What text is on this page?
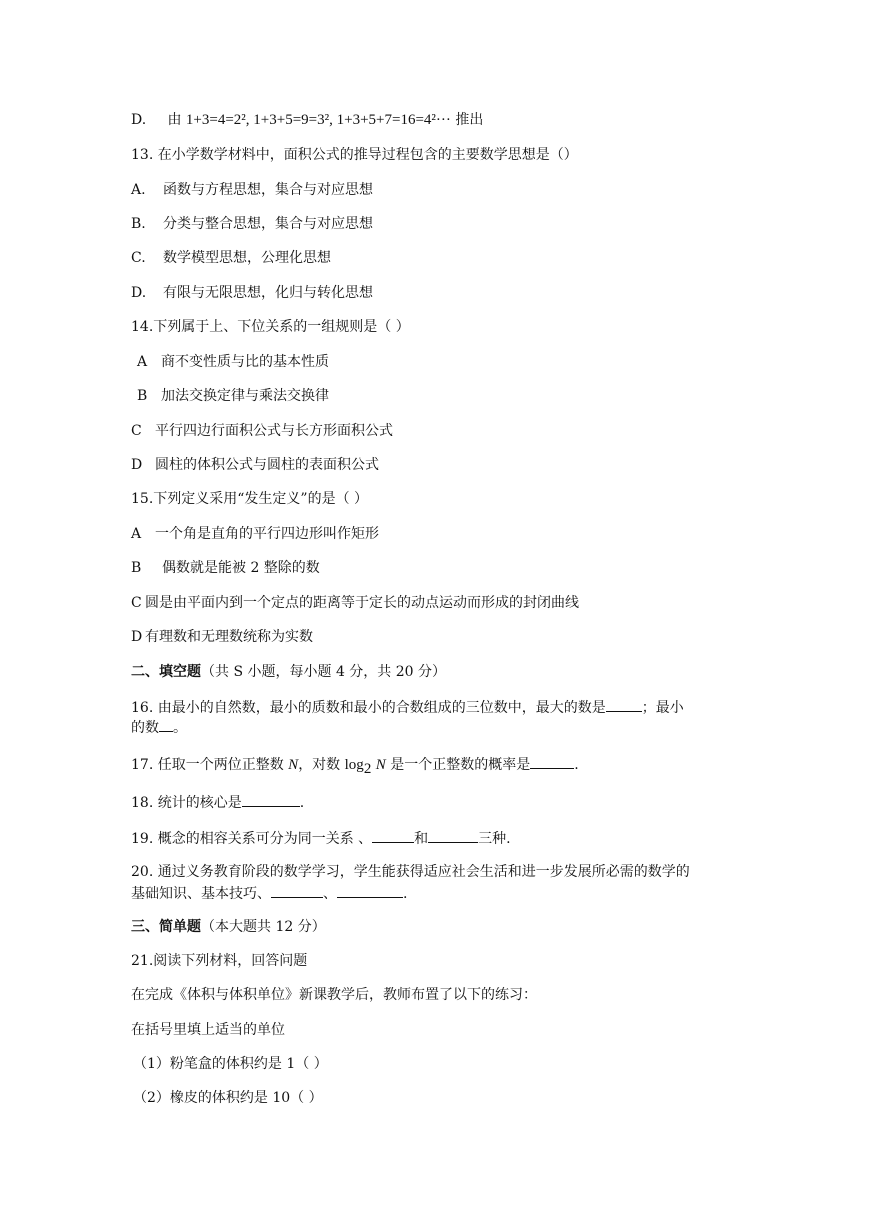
D. 由 1+3=4=2², 1+3+5=9=3², 1+3+5+7=16=4²··· 推出
13. 在小学数学材料中，面积公式的推导过程包含的主要数学思想是（）
A. 函数与方程思想，集合与对应思想
B. 分类与整合思想，集合与对应思想
C. 数学模型思想，公理化思想
D. 有限与无限思想，化归与转化思想
14.下列属于上、下位关系的一组规则是（ ）
A 商不变性质与比的基本性质
B 加法交换定律与乘法交换律
C 平行四边行面积公式与长方形面积公式
D 圆柱的体积公式与圆柱的表面积公式
15.下列定义采用“发生定义”的是（ ）
A 一个角是直角的平行四边形叫作矩形
B 偶数就是能被 2 整除的数
C 圆是由平面内到一个定点的距离等于定长的动点运动而形成的封闭曲线
D 有理数和无理数统称为实数
二、填空题（共 S 小题，每小题 4 分，共 20 分）
16. 由最小的自然数，最小的质数和最小的合数组成的三位数中，最大的数是	；最小
的数 。
17. 任取一个两位正整数 N，对数 $\log_2 N$ 是一个正整数的概率是	.
18. 统计的核心是	.
19. 概念的相容关系可分为同一关系 、	和	三种.
20. 通过义务教育阶段的数学学习，学生能获得适应社会生活和进一步发展所必需的数学的
基础知识、基本技巧、	、	.
三、简单题（本大题共 12 分）
21.阅读下列材料，回答问题
在完成《体积与体积单位》新课教学后，教师布置了以下的练习：
在括号里填上适当的单位
（1）粉笔盒的体积约是 1（ ）
（2）橡皮的体积约是 10（ ）
